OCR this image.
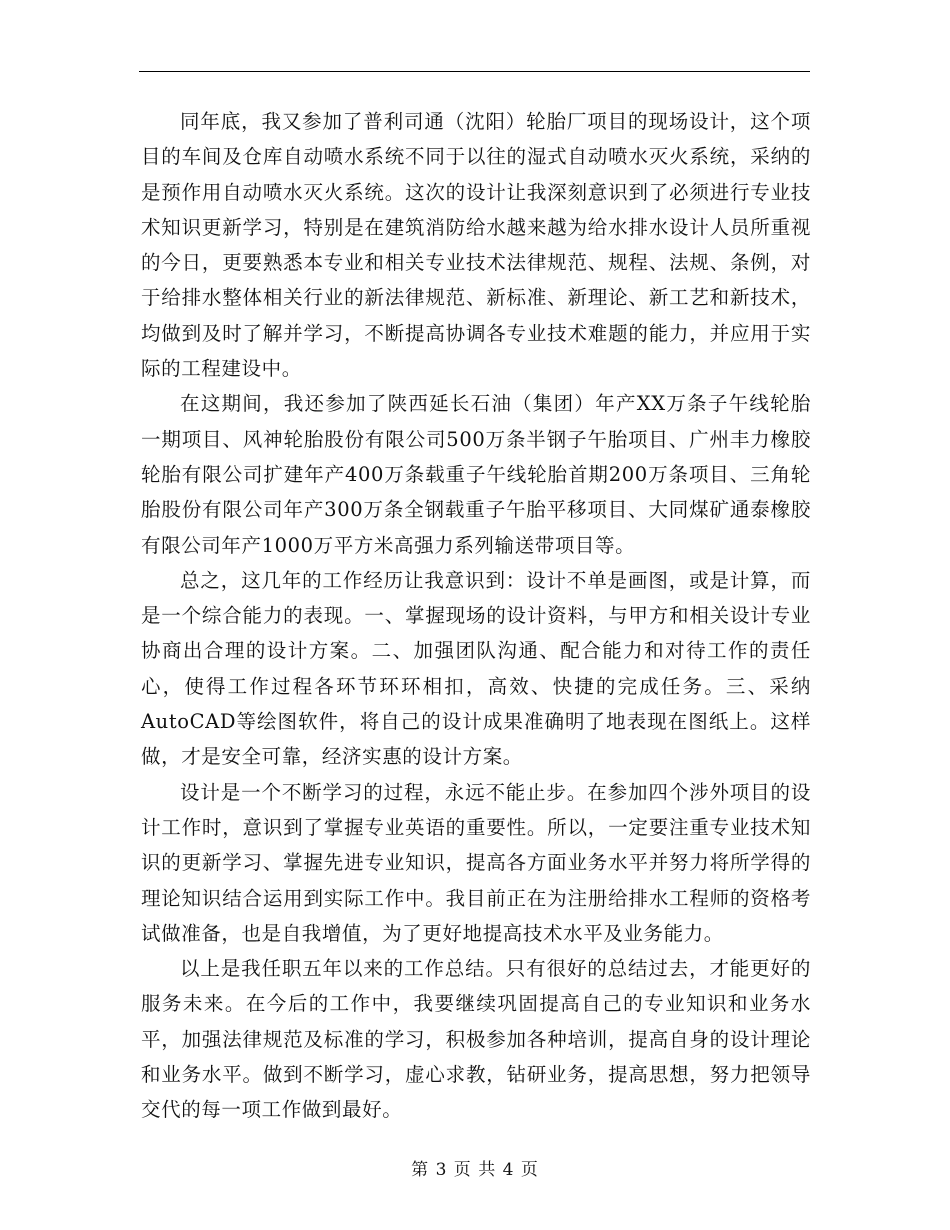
同年底，我又参加了普利司通（沈阳）轮胎厂项目的现场设计，这个项目的车间及仓库自动喷水系统不同于以往的湿式自动喷水灭火系统，采纳的是预作用自动喷水灭火系统。这次的设计让我深刻意识到了必须进行专业技术知识更新学习，特别是在建筑消防给水越来越为给水排水设计人员所重视的今日，更要熟悉本专业和相关专业技术法律规范、规程、法规、条例，对于给排水整体相关行业的新法律规范、新标准、新理论、新工艺和新技术，均做到及时了解并学习，不断提高协调各专业技术难题的能力，并应用于实际的工程建设中。

在这期间，我还参加了陕西延长石油（集团）年产XX万条子午线轮胎一期项目、风神轮胎股份有限公司500万条半钢子午胎项目、广州丰力橡胶轮胎有限公司扩建年产400万条载重子午线轮胎首期200万条项目、三角轮胎股份有限公司年产300万条全钢载重子午胎平移项目、大同煤矿通泰橡胶有限公司年产1000万平方米高强力系列输送带项目等。

总之，这几年的工作经历让我意识到：设计不单是画图，或是计算，而是一个综合能力的表现。一、掌握现场的设计资料，与甲方和相关设计专业协商出合理的设计方案。二、加强团队沟通、配合能力和对待工作的责任心，使得工作过程各环节环环相扣，高效、快捷的完成任务。三、采纳AutoCAD等绘图软件，将自己的设计成果准确明了地表现在图纸上。这样做，才是安全可靠，经济实惠的设计方案。

设计是一个不断学习的过程，永远不能止步。在参加四个涉外项目的设计工作时，意识到了掌握专业英语的重要性。所以，一定要注重专业技术知识的更新学习、掌握先进专业知识，提高各方面业务水平并努力将所学得的理论知识结合运用到实际工作中。我目前正在为注册给排水工程师的资格考试做准备，也是自我增值，为了更好地提高技术水平及业务能力。

以上是我任职五年以来的工作总结。只有很好的总结过去，才能更好的服务未来。在今后的工作中，我要继续巩固提高自己的专业知识和业务水平，加强法律规范及标准的学习，积极参加各种培训，提高自身的设计理论和业务水平。做到不断学习，虚心求教，钻研业务，提高思想，努力把领导交代的每一项工作做到最好。

第 3 页 共 4 页
